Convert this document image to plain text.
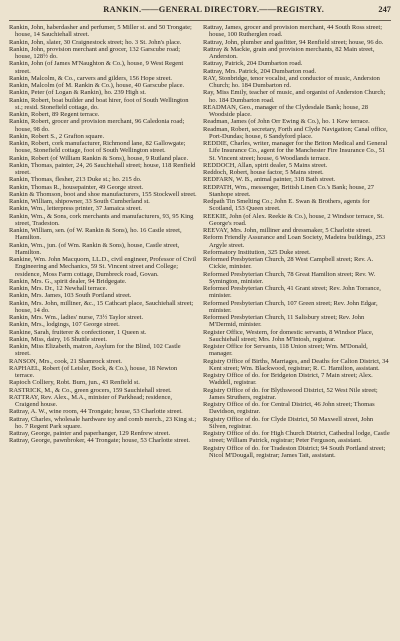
RANKIN.——GENERAL DIRECTORY.——REGISTRY.	247

Rankin, John, haberdasher and perfumer, 5 Miller st. and 50 Trongate; house, 14 Sauchiehall street.

Rankin, John, slater, 30 Craignestock street; ho. 3 St. John's place.

Rankin, John, provision merchant and grocer, 132 Garscube road; house, 128½ do.

Rankin, John (of James M'Naughton & Co.), house, 9 West Regent street.

Rankin, Malcolm, & Co., carvers and gilders, 156 Hope street.

Rankin, Malcolm (of M. Rankin & Co.), house, 40 Garscube place.

Rankin, Peter (of Logan & Rankin), ho. 239 High st.

Rankin, Robert, boat builder and boat hirer, foot of South Wellington st.; resid. Stonefield cottage, do.

Rankin, Robert, 89 Regent terrace.

Rankin, Robert, grocer and provision merchant, 96 Caledonia road; house, 98 do.

Rankin, Robert S., 2 Grafton square.

Rankin, Robert, cork manufacturer, Richmond lane, 82 Gallowgate; house, Stonefield cottage, foot of South Wellington street.

Rankin, Robert (of William Rankin & Sons), house, 9 Rutland place.

Rankin, Thomas, painter, 24, 26 Sauchiehall street; house, 118 Renfield street.

Rankin, Thomas, flesher, 213 Duke st.; ho. 215 do.

Rankin, Thomas R., housepainter, 49 George street.

Rankin & Thomson, boot and shoe manufacturers, 155 Stockwell street.

Rankin, William, shipowner, 33 South Cumberland st.

Rankin, Wm., letterpress printer, 37 Jamaica street.

Rankin, Wm., & Sons, cork merchants and manufacturers, 93, 95 King street, Tradeston.

Rankin, William, sen. (of W. Rankin & Sons), ho. 16 Castle street, Hamilton.

Rankin, Wm., jun. (of Wm. Rankin & Sons), house, Castle street, Hamilton.

Rankine, Wm. John Macquorn, LL.D., civil engineer, Professor of Civil Engineering and Mechanics, 59 St. Vincent street and College; residence, Moss Farm cottage, Dumbreck road, Govan.

Rankin, Mrs. G., spirit dealer, 94 Bridgegate.

Rankin, Mrs. Dr., 12 Newhall terrace.

Rankin, Mrs. James, 103 South Portland street.

Rankin, Mrs. John, milliner, &c., 15 Cathcart place, Sauchiehall street; house, 14 do.

Rankin, Mrs. Wm., ladies' nurse, 73½ Taylor street.

Rankin, Mrs., lodgings, 107 George street.

Rankine, Sarah, fruiterer & confectioner, 1 Queen st.

Rankin, Miss, dairy, 16 Shuttle street.

Rankin, Miss Elizabeth, matron, Asylum for the Blind, 102 Castle street.

RANSON, Mrs., cook, 21 Shamrock street.

RAPHAEL, Robert (of Leisler, Bock, & Co.), house, 18 Newton terrace.

Rapioch Colliery, Robt. Burn, jun., 43 Renfield st.

RASTRICK, M., & Co., green grocers, 159 Sauchiehall street.

RATTRAY, Rev. Alex., M.A., minister of Parkhead; residence, Craigend house.

Rattray, A. W., wine room, 44 Trongate; house, 53 Charlotte street.

Rattray, Charles, wholesale hardware toy and comb merch., 23 King st.; ho. 7 Regent Park square.

Rattray, George, painter and paperhanger, 129 Renfrew street.

Rattray, George, pawnbroker, 44 Trongate; house, 53 Charlotte street.

Rattray, James, grocer and provision merchant, 44 South Ross street; house, 100 Rutherglen road.

Rattray, John, plumber and gasfitter, 94 Renfield street; house, 96 do.

Rattray & Mackie, grain and provision merchants, 82 Main street, Anderston.

Rattray, Patrick, 204 Dumbarton road.

Rattray, Mrs. Patrick, 204 Dumbarton road.

RAY, Stonbridge, tenor vocalist, and conductor of music, Anderston Church; ho. 184 Dumbarton rd.

Ray, Miss Emily, teacher of music, and organist of Anderston Church; ho. 184 Dumbarton road.

READMAN, Geo., manager of the Clydesdale Bank; house, 28 Woodside place.

Readman, James (of John Orr Ewing & Co.), ho. 1 Kew terrace.

Readman, Robert, secretary, Forth and Clyde Navigation; Canal office, Port-Dundas; house, 6 Sandyford place.

REDDIE, Charles, writer, manager for the Briton Medical and General Life Insurance Co., agent for the Manchester Fire Insurance Co., 51 St. Vincent street; house, 6 Woodlands terrace.

REDDOCH, Allan, spirit dealer, 5 Mains street.

Reddoch, Robert, house factor, 5 Mains street.

REDFARN, W. B., animal painter, 318 Bath street.

REDPATH, Wm., messenger, British Linen Co.'s Bank; house, 27 Stanhope street.

Redpath Tin Smelting Co.; John E. Swan & Brothers, agents for Scotland, 153 Queen street.

REEKIE, John (of Alex. Reekie & Co.), house, 2 Windsor terrace, St. George's road.

REEVAY, Mrs. John, milliner and dressmaker, 5 Charlotte street.

Reform Friendly Assurance and Loan Society, Madeira buildings, 253 Argyle street.

Reformatory Institution, 325 Duke street.

Reformed Presbyterian Church, 28 West Campbell street; Rev. A. Cickie, minister.

Reformed Presbyterian Church, 78 Great Hamilton street; Rev. W. Symington, minister.

Reformed Presbyterian Church, 41 Grant street; Rev. John Torrance, minister.

Reformed Presbyterian Church, 107 Green street; Rev. John Edgar, minister.

Reformed Presbyterian Church, 11 Salisbury street; Rev. John M'Dermid, minister.

Register Office, Western, for domestic servants, 8 Windsor Place, Sauchiehall street; Mrs. John M'Intosh, registrar.

Register Office for Servants, 118 Union street; Wm. M'Donald, manager.

Registry Office of Births, Marriages, and Deaths for Calton District, 34 Kent street; Wm. Blackwood, registrar; R. C. Hamilton, assistant.

Registry Office of do. for Bridgeton District, 7 Main street; Alex. Waddell, registrar.

Registry Office of do. for Blythswood District, 52 West Nile street; James Struthers, registrar.

Registry Office of do. for Central District, 46 John street; Thomas Davidson, registrar.

Registry Office of do. for Clyde District, 50 Maxwell street, John Silven, registrar.

Registry Office of do. for High Church District, Cathedral lodge, Castle street; William Patrick, registrar; Peter Ferguson, assistant.

Registry Office of do. for Tradeston District; 94 South Portland street; Nicol M'Dougall, registrar; James Tait, assistant.
